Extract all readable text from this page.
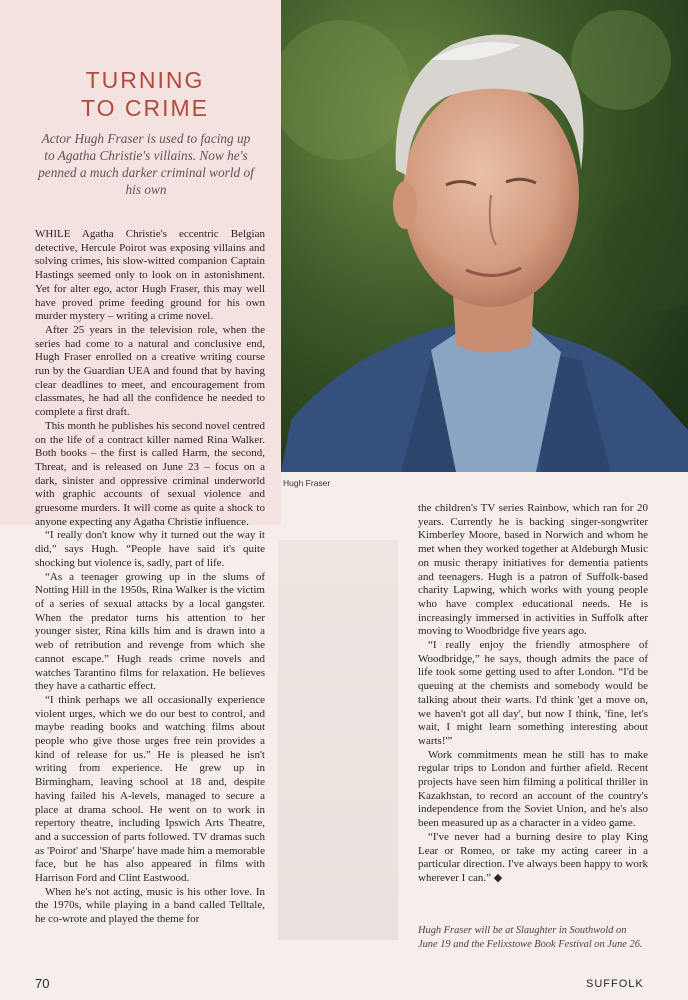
TURNING
TO CRIME
Actor Hugh Fraser is used to facing up to Agatha Christie's villains. Now he's penned a much darker criminal world of his own
Hugh Fraser

WHILE Agatha Christie's eccentric Belgian detective, Hercule Poirot was exposing villains and solving crimes, his slow-witted companion Captain Hastings seemed only to look on in astonishment. Yet for alter ego, actor Hugh Fraser, this may well have proved prime feeding ground for his own murder mystery – writing a crime novel.

After 25 years in the television role, when the series had come to a natural and conclusive end, Hugh Fraser enrolled on a creative writing course run by the Guardian UEA and found that by having clear deadlines to meet, and encouragement from classmates, he had all the confidence he needed to complete a first draft.

This month he publishes his second novel centred on the life of a contract killer named Rina Walker. Both books – the first is called Harm, the second, Threat, and is released on June 23 – focus on a dark, sinister and oppressive criminal underworld with graphic accounts of sexual violence and gruesome murders. It will come as quite a shock to anyone expecting any Agatha Christie influence.

“I really don't know why it turned out the way it did,” says Hugh. “People have said it's quite shocking but violence is, sadly, part of life.

“As a teenager growing up in the slums of Notting Hill in the 1950s, Rina Walker is the victim of a series of sexual attacks by a local gangster. When the predator turns his attention to her younger sister, Rina kills him and is drawn into a web of retribution and revenge from which she cannot escape.” Hugh reads crime novels and watches Tarantino films for relaxation. He believes they have a cathartic effect.

“I think perhaps we all occasionally experience violent urges, which we do our best to control, and maybe reading books and watching films about people who give those urges free rein provides a kind of release for us.” He is pleased he isn't writing from experience. He grew up in Birmingham, leaving school at 18 and, despite having failed his A-levels, managed to secure a place at drama school. He went on to work in repertory theatre, including Ipswich Arts Theatre, and a succession of parts followed. TV dramas such as 'Poirot' and 'Sharpe' have made him a memorable face, but he has also appeared in films with Harrison Ford and Clint Eastwood.

When he's not acting, music is his other love. In the 1970s, while playing in a band called Telltale, he co-wrote and played the theme for

the children's TV series Rainbow, which ran for 20 years. Currently he is backing singer-songwriter Kimberley Moore, based in Norwich and whom he met when they worked together at Aldeburgh Music on music therapy initiatives for dementia patients and teenagers. Hugh is a patron of Suffolk-based charity Lapwing, which works with young people who have complex educational needs. He is increasingly immersed in activities in Suffolk after moving to Woodbridge five years ago.

“I really enjoy the friendly atmosphere of Woodbridge,” he says, though admits the pace of life took some getting used to after London. “I'd be queuing at the chemists and somebody would be talking about their warts. I'd think 'get a move on, we haven't got all day', but now I think, 'fine, let's wait, I might learn something interesting about warts!'”

Work commitments mean he still has to make regular trips to London and further afield. Recent projects have seen him filming a political thriller in Kazakhstan, to record an account of the country's independence from the Soviet Union, and he's also been measured up as a character in a video game.

“I've never had a burning desire to play King Lear or Romeo, or take my acting career in a particular direction. I've always been happy to work wherever I can.” ◆

Hugh Fraser will be at Slaughter in Southwold on June 19 and the Felixstowe Book Festival on June 26.
70	SUFFOLK
